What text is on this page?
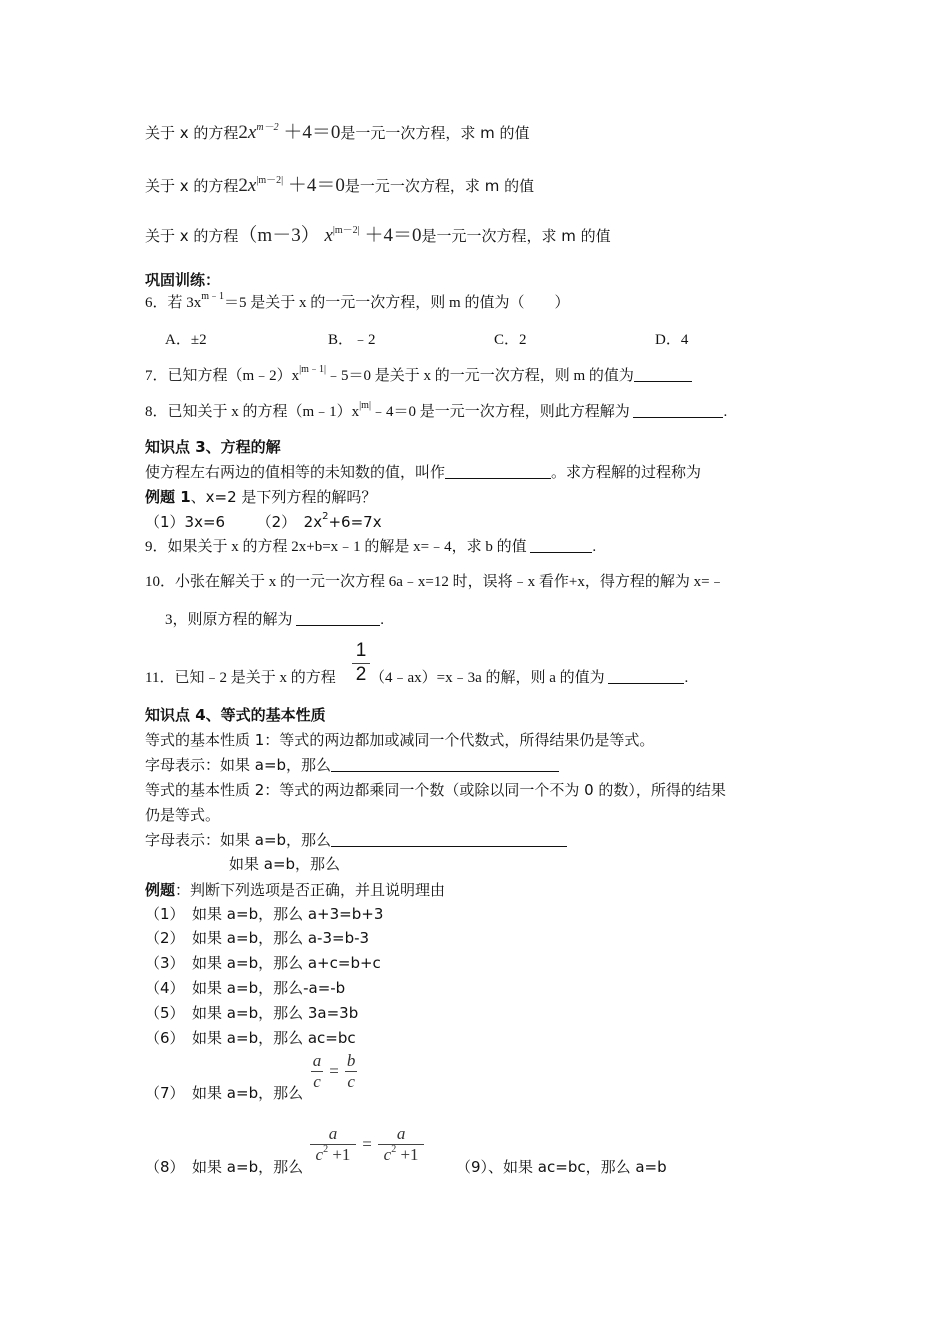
关于 x 的方程$2x^{m-2} +4=0$是一元一次方程，求 m 的值
关于 x 的方程$2x^{|m-2|} +4=0$是一元一次方程，求 m 的值
关于 x 的方程（m－3） $x^{|m-2|} +4=0$是一元一次方程，求 m 的值
巩固训练：
6．若 $3x^{m﹣1}=5$ 是关于 x 的一元一次方程，则 m 的值为（　　）
A．±2	B．﹣2	C．2	D．4
7．已知方程$(m﹣2)x^{|m﹣1|}﹣5=0$ 是关于 x 的一元一次方程，则 m 的值为
8．已知关于 x 的方程$(m﹣1)x^{|m|}﹣4=0$ 是一元一次方程，则此方程解为	.
知识点 3、方程的解
使方程左右两边的值相等的未知数的值，叫作	。求方程解的过程称为
例题 1、x=2 是下列方程的解吗？
（1）3x=6 （2）　$2x^2+6=7x$
9．如果关于 x 的方程 2x+b=x﹣1 的解是 x=﹣4，求 b 的值	.
10．小张在解关于 x 的一元一次方程 6a﹣x=12 时，误将﹣x 看作+x，得方程的解为 x=﹣
3，则原方程的解为	.
11．已知﹣2 是关于 x 的方程
1
2 （4﹣ax）=x﹣3a 的解，则 a 的值为	.
知识点 4、等式的基本性质
等式的基本性质 1：等式的两边都加或减同一个代数式，所得结果仍是等式。
字母表示：如果 a=b，那么
等式的基本性质 2：等式的两边都乘同一个数（或除以同一个不为 0 的数），所得的结果
仍是等式。
字母表示：如果 a=b，那么
如果 a=b，那么
例题：判断下列选项是否正确，并且说明理由
（1）　如果 a=b，那么 a+3=b+3
（2）　如果 a=b，那么 a-3=b-3
（3）　如果 a=b，那么 a+c=b+c
（4）　如果 a=b，那么-a=-b
（5）　如果 a=b，那么 3a=3b
（6）　如果 a=b，那么 ac=bc
（7）　如果 a=b，那么
$\frac{a}{c} = \frac{b}{c}$
（8）　如果 a=b，那么
$\frac{a}{c^2 +1} = \frac{a}{c^2 +1}$
（9）、如果 ac=bc，那么 a=b
